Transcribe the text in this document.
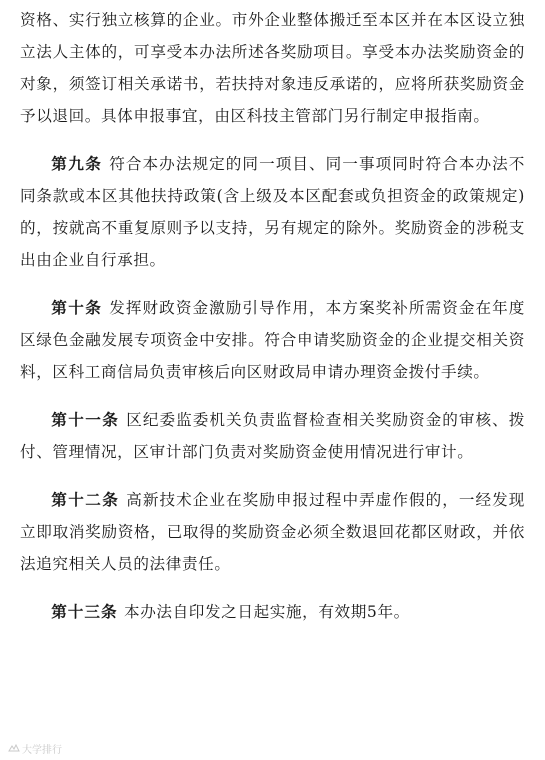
资格、实行独立核算的企业。市外企业整体搬迁至本区并在本区设立独立法人主体的，可享受本办法所述各奖励项目。享受本办法奖励资金的对象，须签订相关承诺书，若扶持对象违反承诺的，应将所获奖励资金予以退回。具体申报事宜，由区科技主管部门另行制定申报指南。

第九条 符合本办法规定的同一项目、同一事项同时符合本办法不同条款或本区其他扶持政策(含上级及本区配套或负担资金的政策规定)的，按就高不重复原则予以支持，另有规定的除外。奖励资金的涉税支出由企业自行承担。

第十条 发挥财政资金激励引导作用，本方案奖补所需资金在年度区绿色金融发展专项资金中安排。符合申请奖励资金的企业提交相关资料，区科工商信局负责审核后向区财政局申请办理资金拨付手续。

第十一条 区纪委监委机关负责监督检查相关奖励资金的审核、拨付、管理情况，区审计部门负责对奖励资金使用情况进行审计。

第十二条 高新技术企业在奖励申报过程中弄虚作假的，一经发现立即取消奖励资格，已取得的奖励资金必须全数退回花都区财政，并依法追究相关人员的法律责任。

第十三条 本办法自印发之日起实施，有效期5年。

大学排行
